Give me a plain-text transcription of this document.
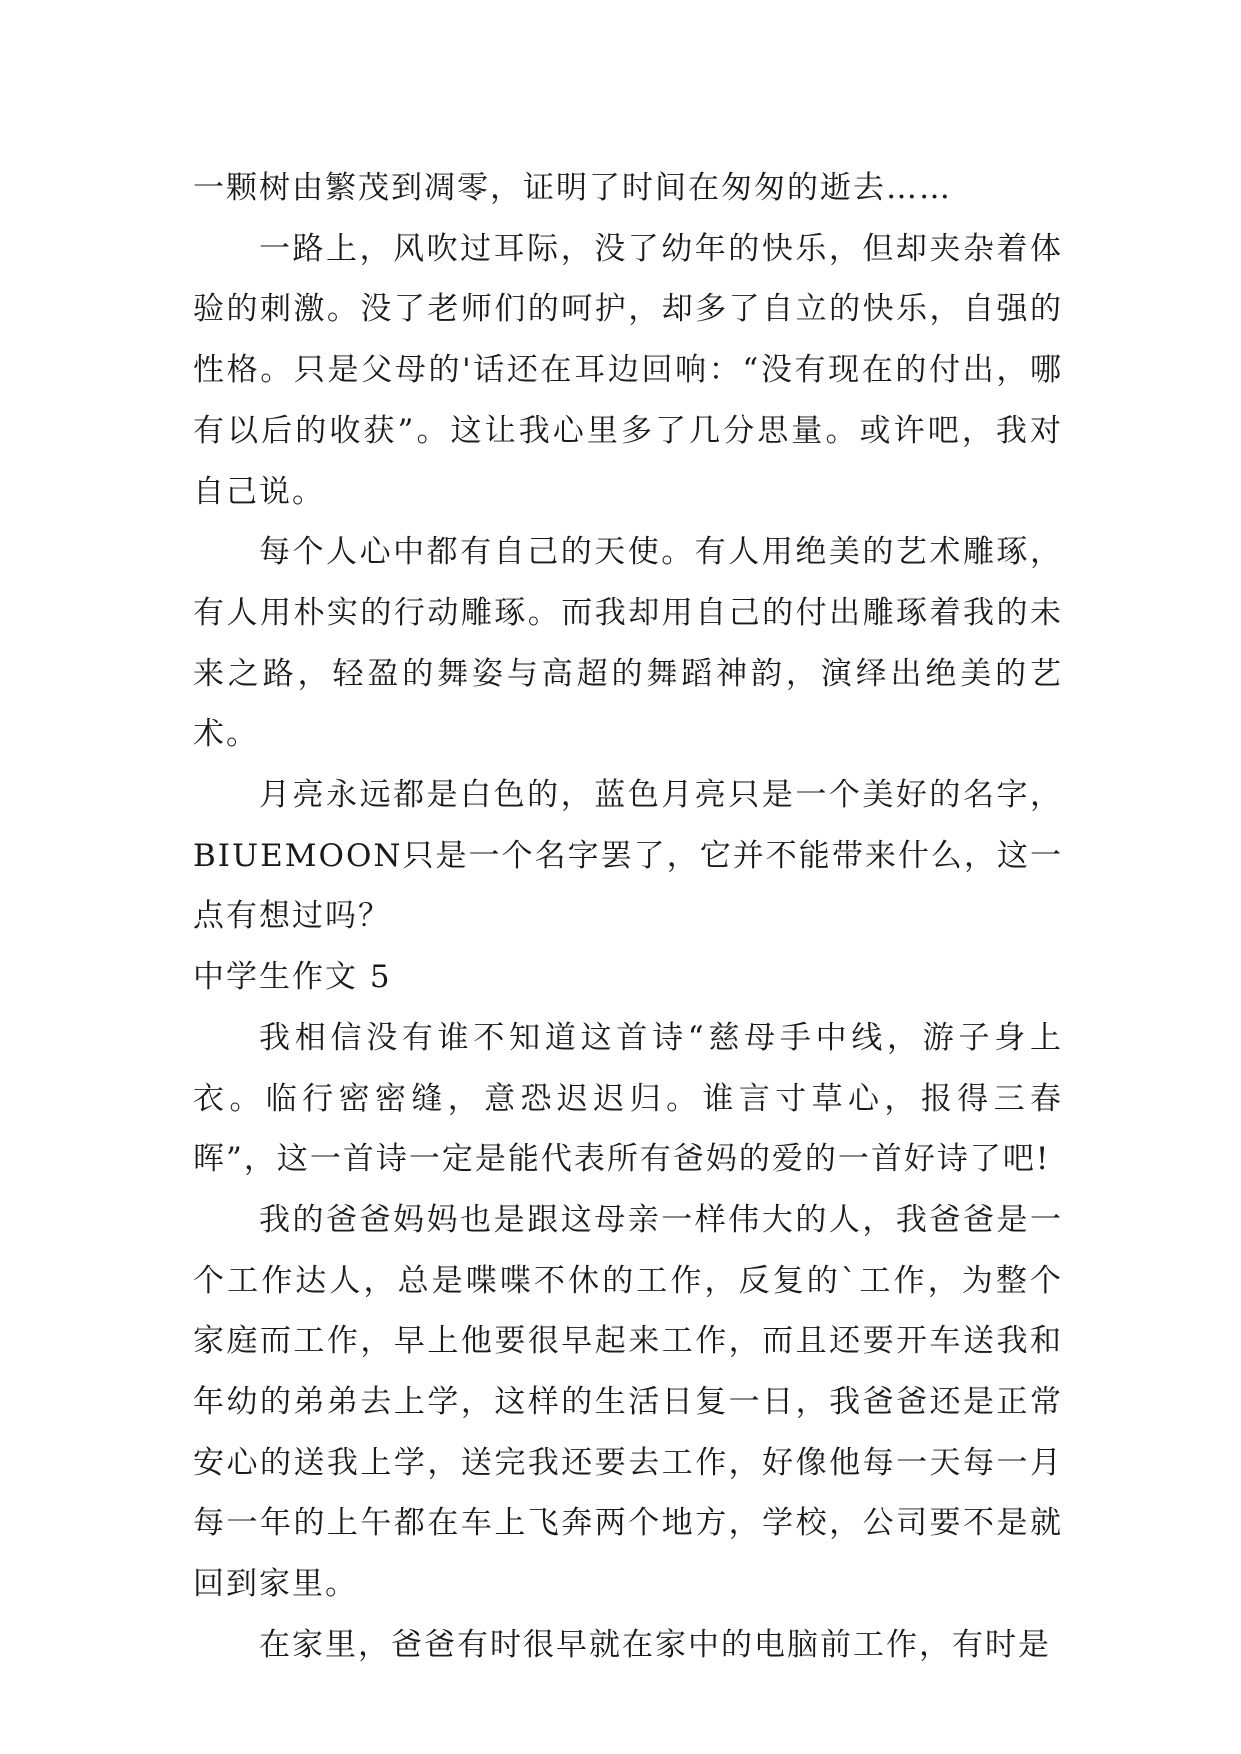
一颗树由繁茂到凋零，证明了时间在匆匆的逝去……

一路上，风吹过耳际，没了幼年的快乐，但却夹杂着体验的刺激。没了老师们的呵护，却多了自立的快乐，自强的性格。只是父母的'话还在耳边回响：“没有现在的付出，哪有以后的收获”。这让我心里多了几分思量。或许吧，我对自己说。

每个人心中都有自己的天使。有人用绝美的艺术雕琢，有人用朴实的行动雕琢。而我却用自己的付出雕琢着我的未来之路，轻盈的舞姿与高超的舞蹈神韵，演绎出绝美的艺术。

月亮永远都是白色的，蓝色月亮只是一个美好的名字，BIUEMOON只是一个名字罢了，它并不能带来什么，这一点有想过吗？

中学生作文 5

我相信没有谁不知道这首诗“慈母手中线，游子身上衣。临行密密缝，意恐迟迟归。谁言寸草心，报得三春晖”，这一首诗一定是能代表所有爸妈的爱的一首好诗了吧!

我的爸爸妈妈也是跟这母亲一样伟大的人，我爸爸是一个工作达人，总是喋喋不休的工作，反复的`工作，为整个家庭而工作，早上他要很早起来工作，而且还要开车送我和年幼的弟弟去上学，这样的生活日复一日，我爸爸还是正常安心的送我上学，送完我还要去工作，好像他每一天每一月每一年的上午都在车上飞奔两个地方，学校，公司要不是就回到家里。

在家里，爸爸有时很早就在家中的电脑前工作，有时是
